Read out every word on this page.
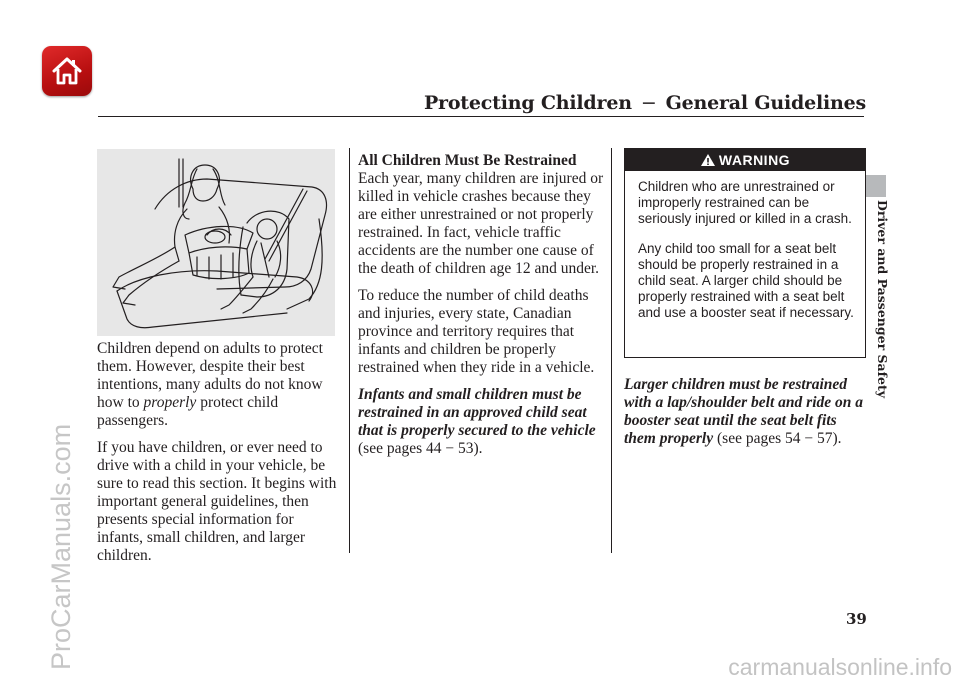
Protecting Children − General Guidelines
Driver and Passenger Safety
ProCarManuals.com	carmanualsonline.info

Children depend on adults to protect them. However, despite their best intentions, many adults do not know how to properly protect child passengers.

If you have children, or ever need to drive with a child in your vehicle, be sure to read this section. It begins with important general guidelines, then presents special information for infants, small children, and larger children.

All Children Must Be Restrained

Each year, many children are injured or killed in vehicle crashes because they are either unrestrained or not properly restrained. In fact, vehicle traffic accidents are the number one cause of the death of children age 12 and under.

To reduce the number of child deaths and injuries, every state, Canadian province and territory requires that infants and children be properly restrained when they ride in a vehicle.

Infants and small children must be restrained in an approved child seat that is properly secured to the vehicle (see pages 44 − 53).

WARNING

Children who are unrestrained or improperly restrained can be seriously injured or killed in a crash.

Any child too small for a seat belt should be properly restrained in a child seat. A larger child should be properly restrained with a seat belt and use a booster seat if necessary.

Larger children must be restrained with a lap/shoulder belt and ride on a booster seat until the seat belt fits them properly (see pages 54 − 57).

39
